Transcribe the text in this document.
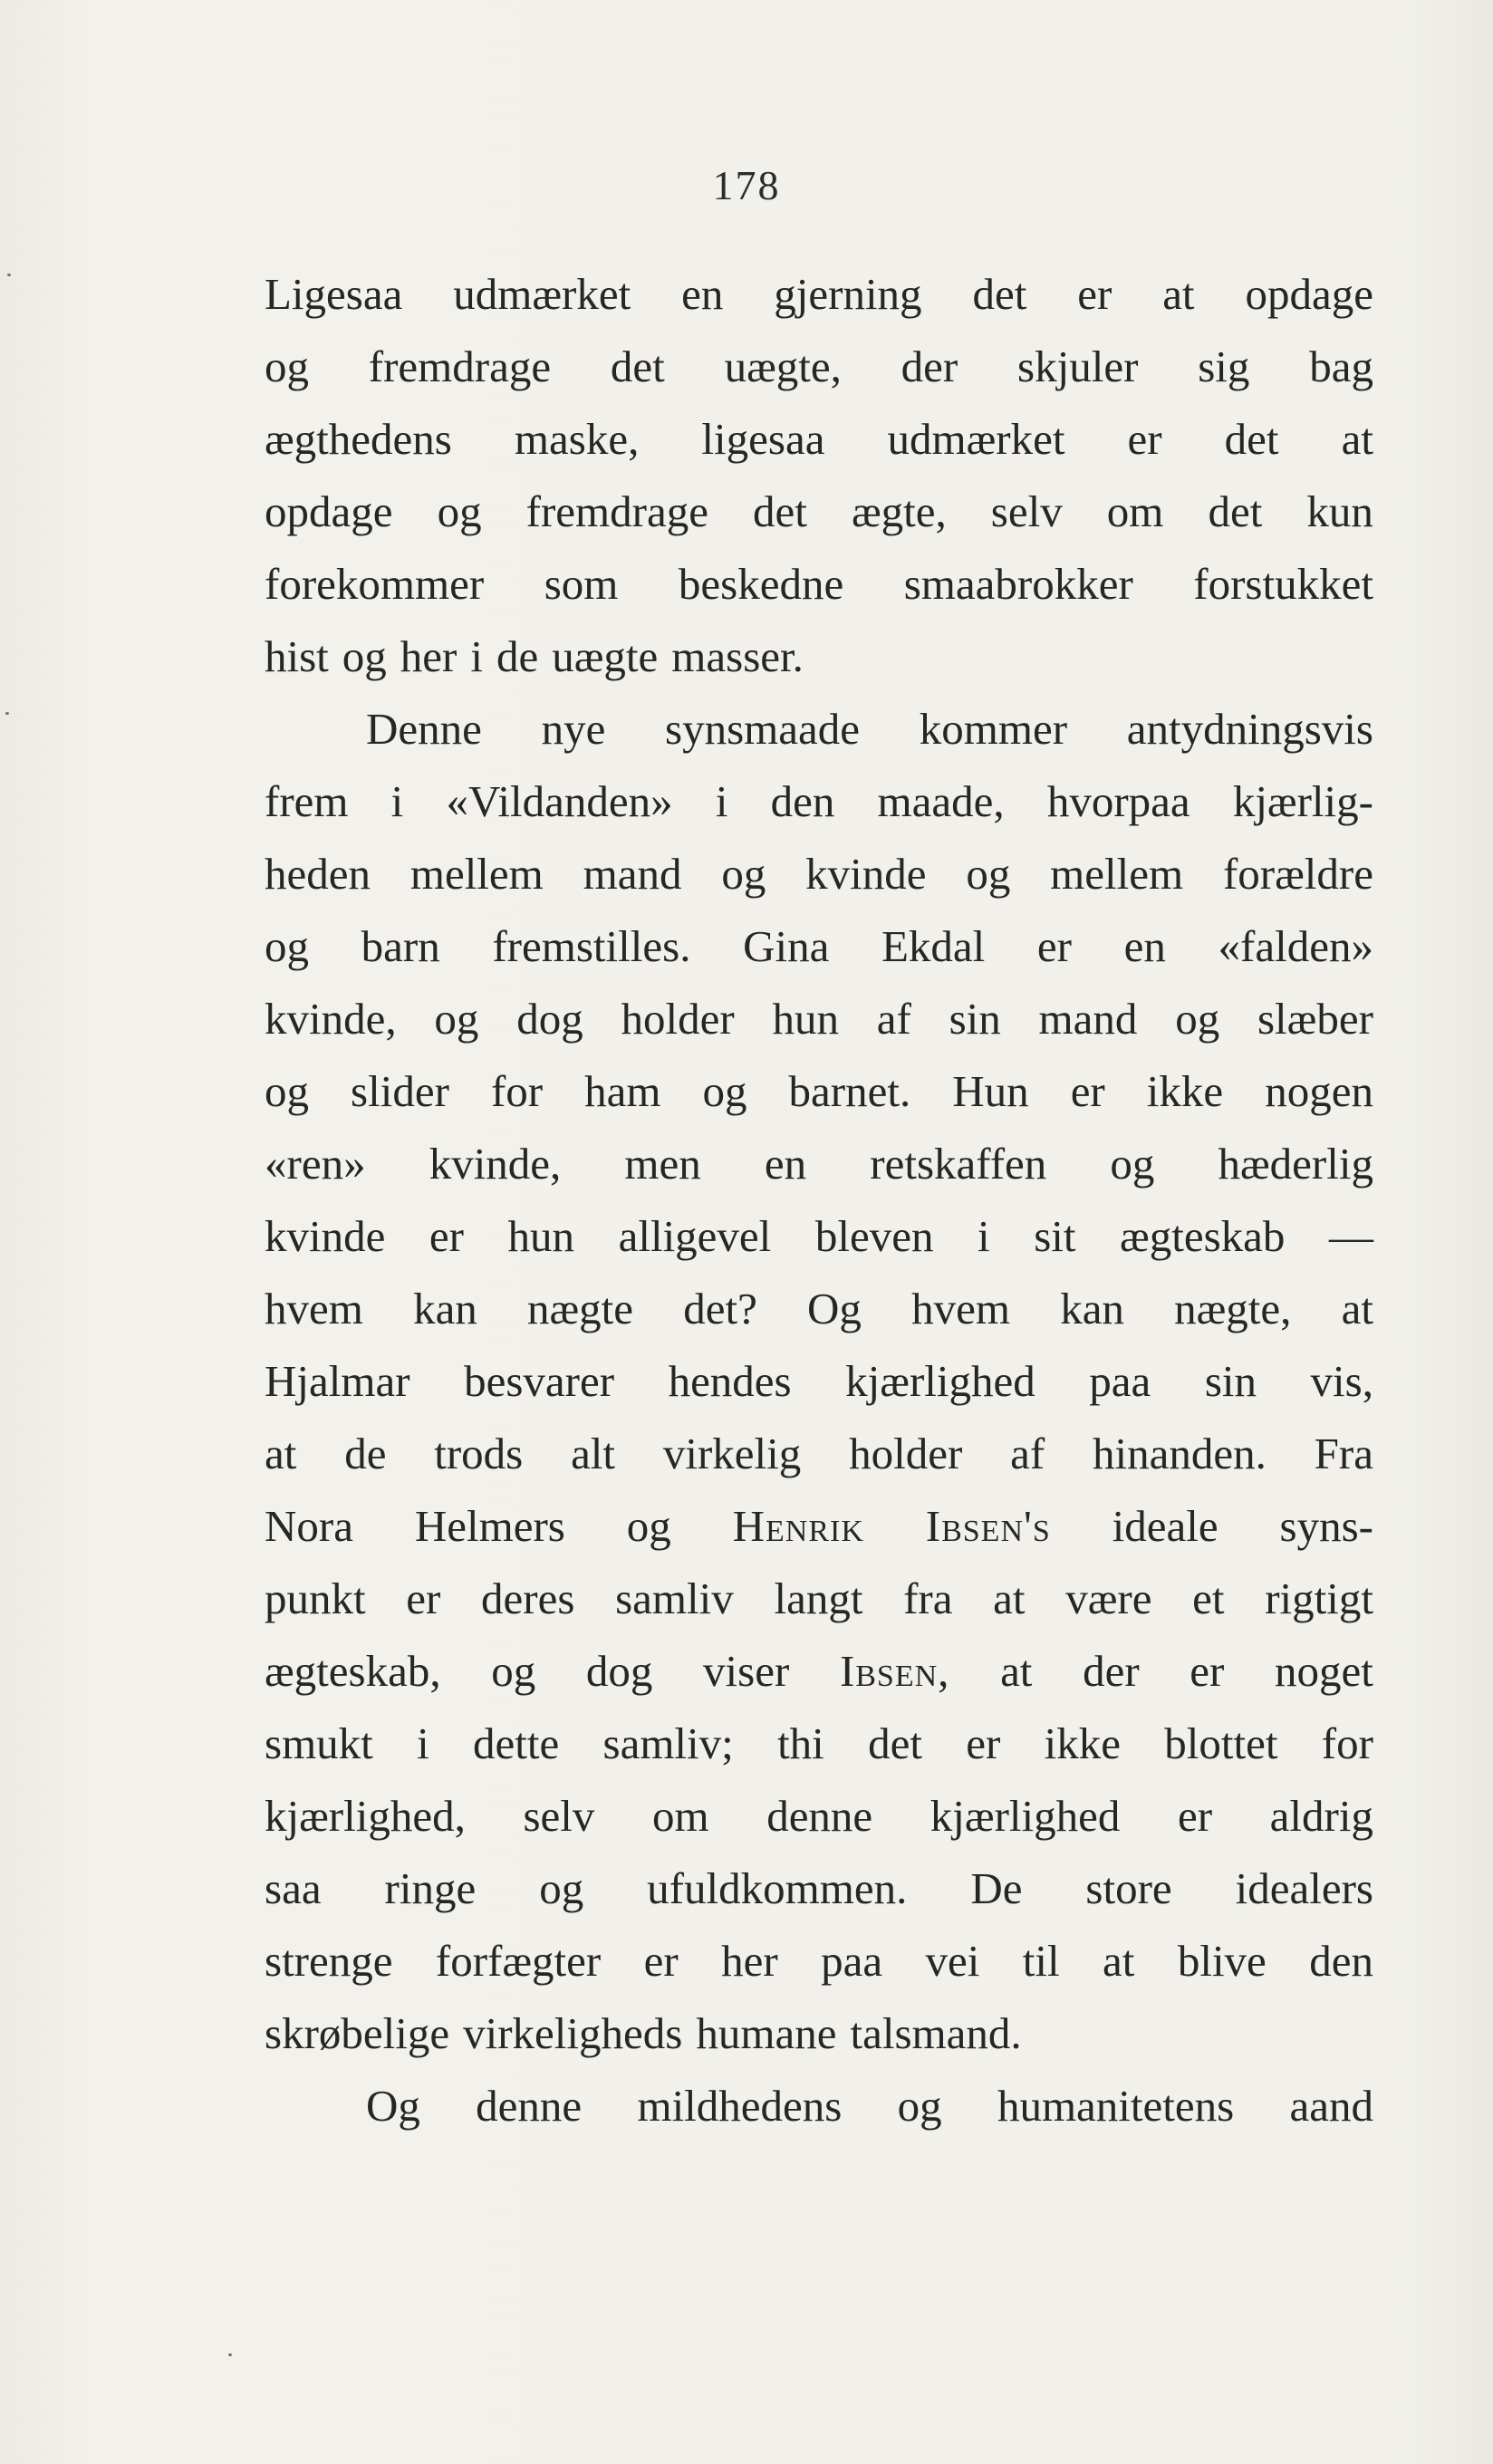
178
Ligesaa udmærket en gjerning det er at opdage
og fremdrage det uægte, der skjuler sig bag
ægthedens maske, ligesaa udmærket er det at
opdage og fremdrage det ægte, selv om det kun
forekommer som beskedne smaabrokker forstukket
hist og her i de uægte masser.
Denne nye synsmaade kommer antydningsvis
frem i «Vildanden» i den maade, hvorpaa kjærlig-
heden mellem mand og kvinde og mellem forældre
og barn fremstilles. Gina Ekdal er en «falden»
kvinde, og dog holder hun af sin mand og slæber
og slider for ham og barnet. Hun er ikke nogen
«ren» kvinde, men en retskaffen og hæderlig
kvinde er hun alligevel bleven i sit ægteskab —
hvem kan nægte det? Og hvem kan nægte, at
Hjalmar besvarer hendes kjærlighed paa sin vis,
at de trods alt virkelig holder af hinanden. Fra
Nora Helmers og Henrik Ibsen's ideale syns-
punkt er deres samliv langt fra at være et rigtigt
ægteskab, og dog viser Ibsen, at der er noget
smukt i dette samliv; thi det er ikke blottet for
kjærlighed, selv om denne kjærlighed er aldrig
saa ringe og ufuldkommen. De store idealers
strenge forfægter er her paa vei til at blive den
skrøbelige virkeligheds humane talsmand.
Og denne mildhedens og humanitetens aand
